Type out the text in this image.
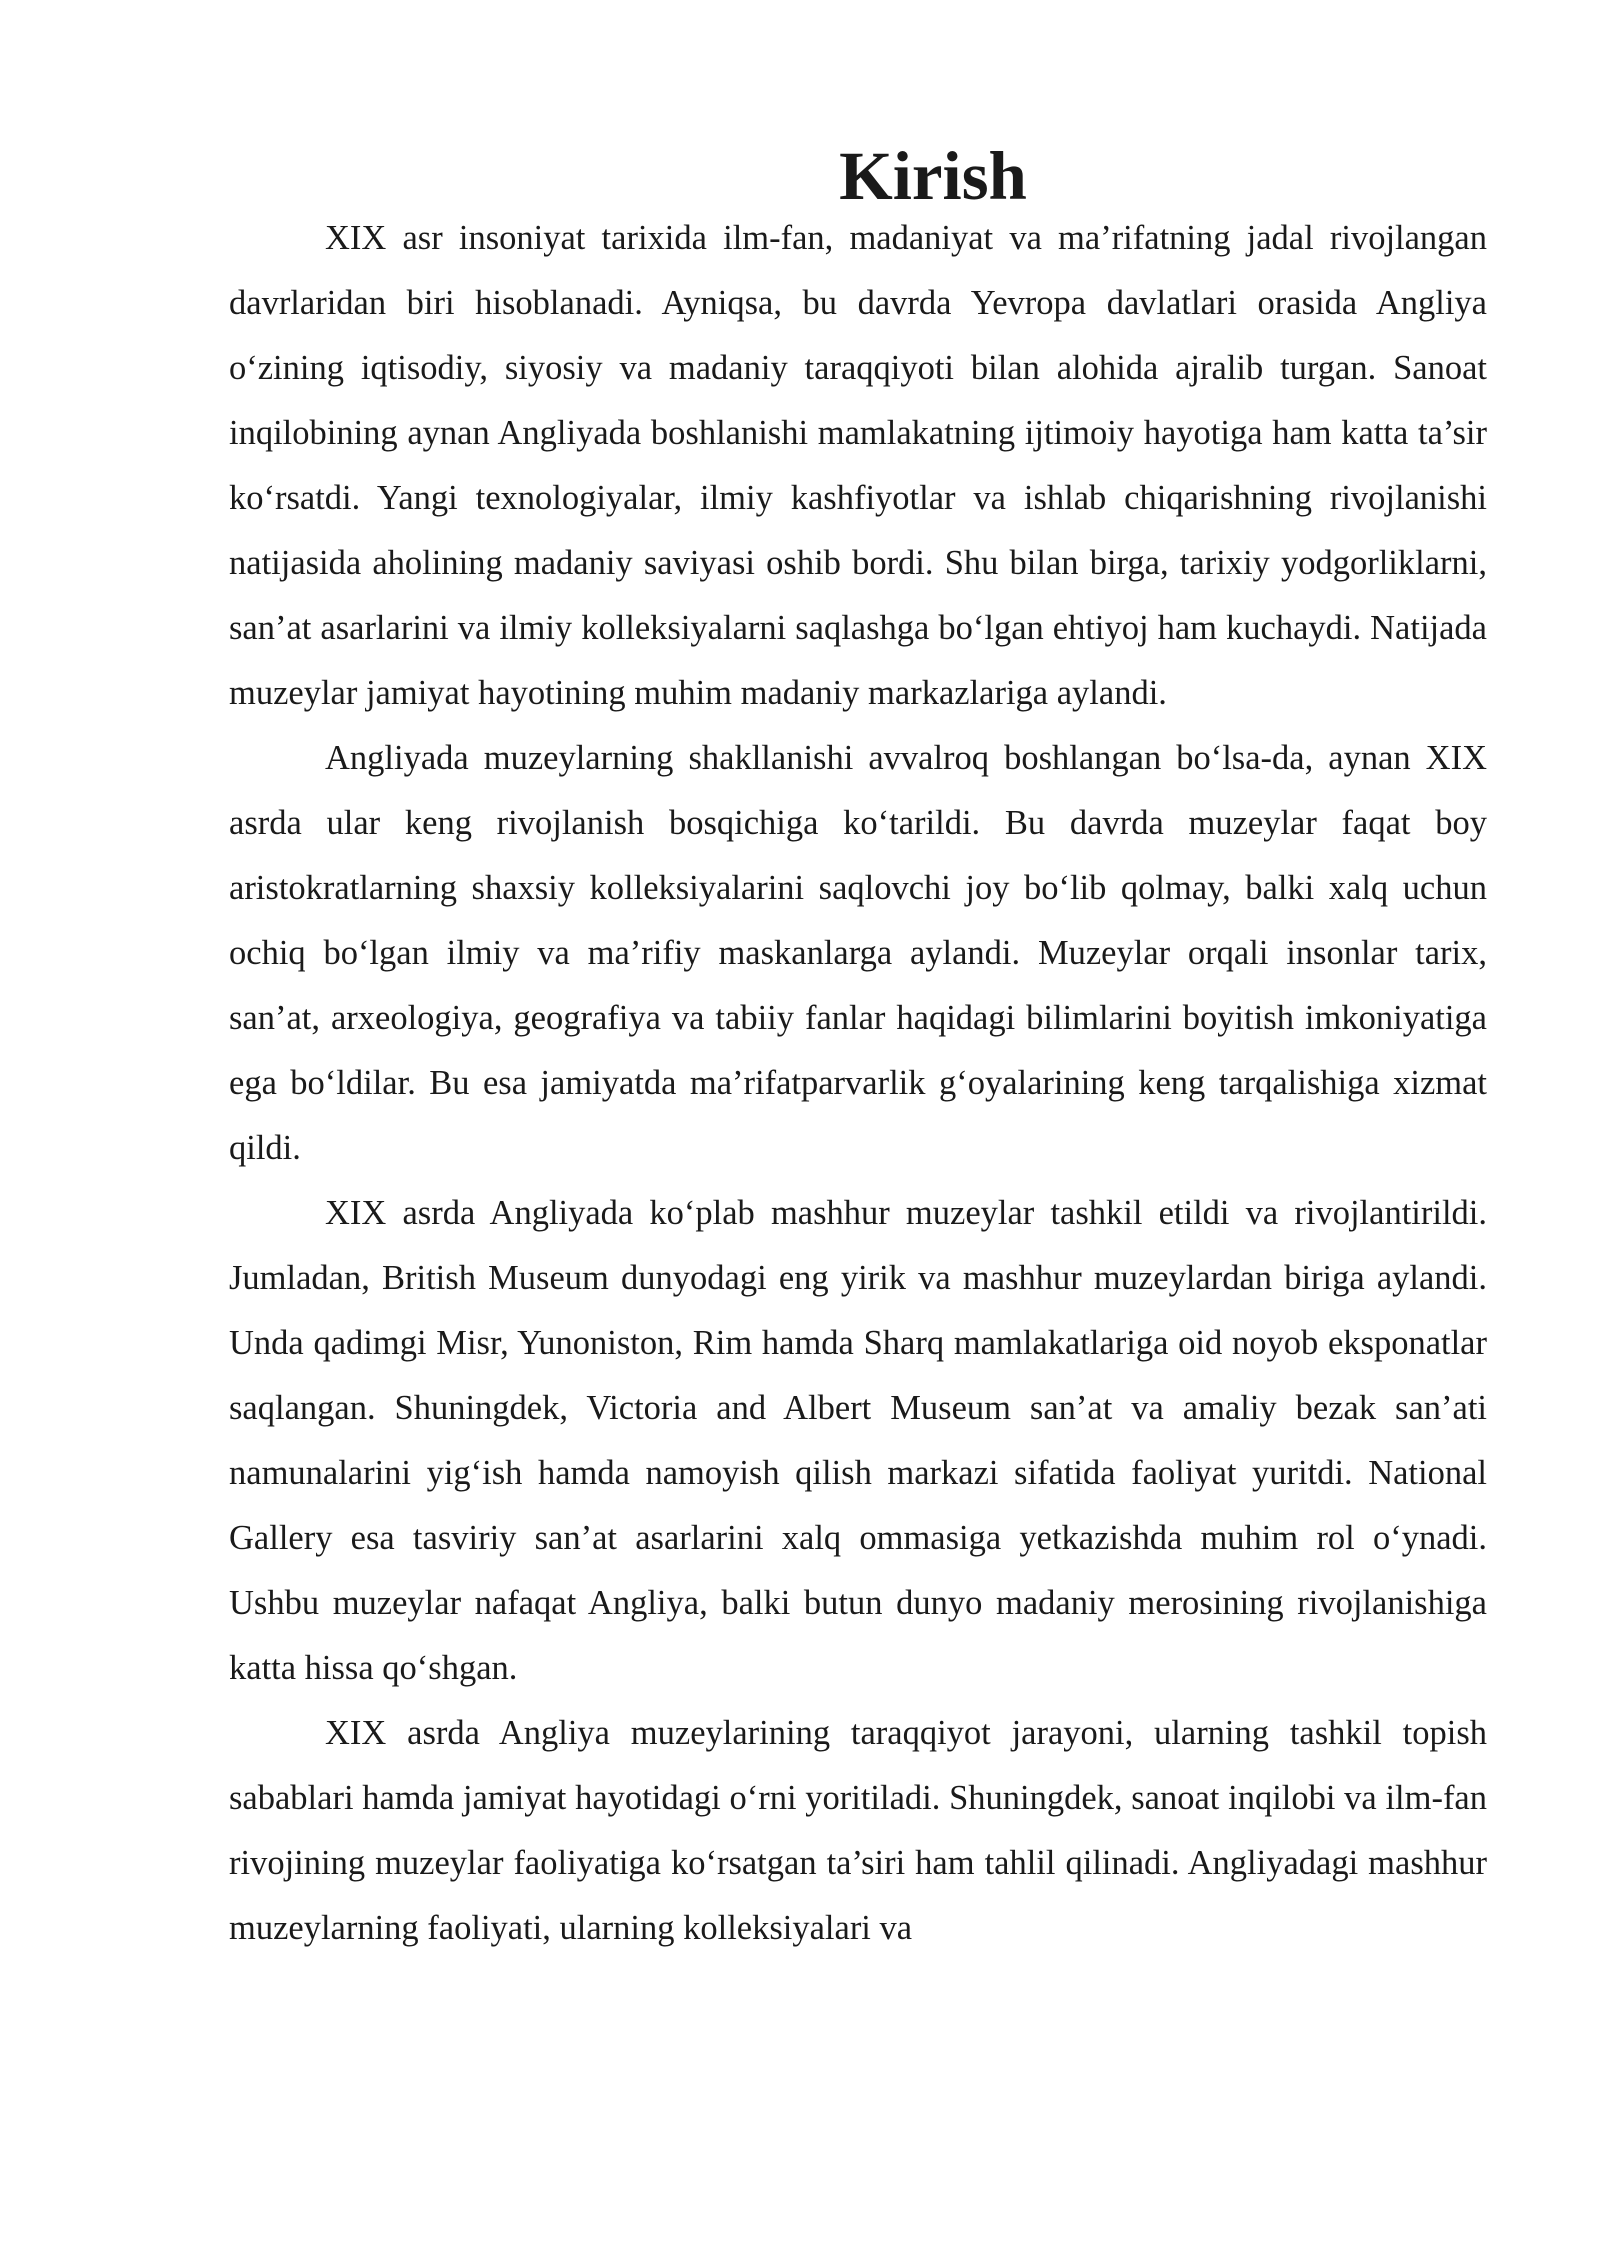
Kirish

XIX asr insoniyat tarixida ilm-fan, madaniyat va ma’rifatning jadal rivojlangan davrlaridan biri hisoblanadi. Ayniqsa, bu davrda Yevropa davlatlari orasida Angliya o‘zining iqtisodiy, siyosiy va madaniy taraqqiyoti bilan alohida ajralib turgan. Sanoat inqilobining aynan Angliyada boshlanishi mamlakatning ijtimoiy hayotiga ham katta ta’sir ko‘rsatdi. Yangi texnologiyalar, ilmiy kashfiyotlar va ishlab chiqarishning rivojlanishi natijasida aholining madaniy saviyasi oshib bordi. Shu bilan birga, tarixiy yodgorliklarni, san’at asarlarini va ilmiy kolleksiyalarni saqlashga bo‘lgan ehtiyoj ham kuchaydi. Natijada muzeylar jamiyat hayotining muhim madaniy markazlariga aylandi.

Angliyada muzeylarning shakllanishi avvalroq boshlangan bo‘lsa-da, aynan XIX asrda ular keng rivojlanish bosqichiga ko‘tarildi. Bu davrda muzeylar faqat boy aristokratlarning shaxsiy kolleksiyalarini saqlovchi joy bo‘lib qolmay, balki xalq uchun ochiq bo‘lgan ilmiy va ma’rifiy maskanlarga aylandi. Muzeylar orqali insonlar tarix, san’at, arxeologiya, geografiya va tabiiy fanlar haqidagi bilimlarini boyitish imkoniyatiga ega bo‘ldilar. Bu esa jamiyatda ma’rifatparvarlik g‘oyalarining keng tarqalishiga xizmat qildi.

XIX asrda Angliyada ko‘plab mashhur muzeylar tashkil etildi va rivojlantirildi. Jumladan, British Museum dunyodagi eng yirik va mashhur muzeylardan biriga aylandi. Unda qadimgi Misr, Yunoniston, Rim hamda Sharq mamlakatlariga oid noyob eksponatlar saqlangan. Shuningdek, Victoria and Albert Museum san’at va amaliy bezak san’ati namunalarini yig‘ish hamda namoyish qilish markazi sifatida faoliyat yuritdi. National Gallery esa tasviriy san’at asarlarini xalq ommasiga yetkazishda muhim rol o‘ynadi. Ushbu muzeylar nafaqat Angliya, balki butun dunyo madaniy merosining rivojlanishiga katta hissa qo‘shgan.

XIX asrda Angliya muzeylarining taraqqiyot jarayoni, ularning tashkil topish sabablari hamda jamiyat hayotidagi o‘rni yoritiladi. Shuningdek, sanoat inqilobi va ilm-fan rivojining muzeylar faoliyatiga ko‘rsatgan ta’siri ham tahlil qilinadi. Angliyadagi mashhur muzeylarning faoliyati, ularning kolleksiyalari va
